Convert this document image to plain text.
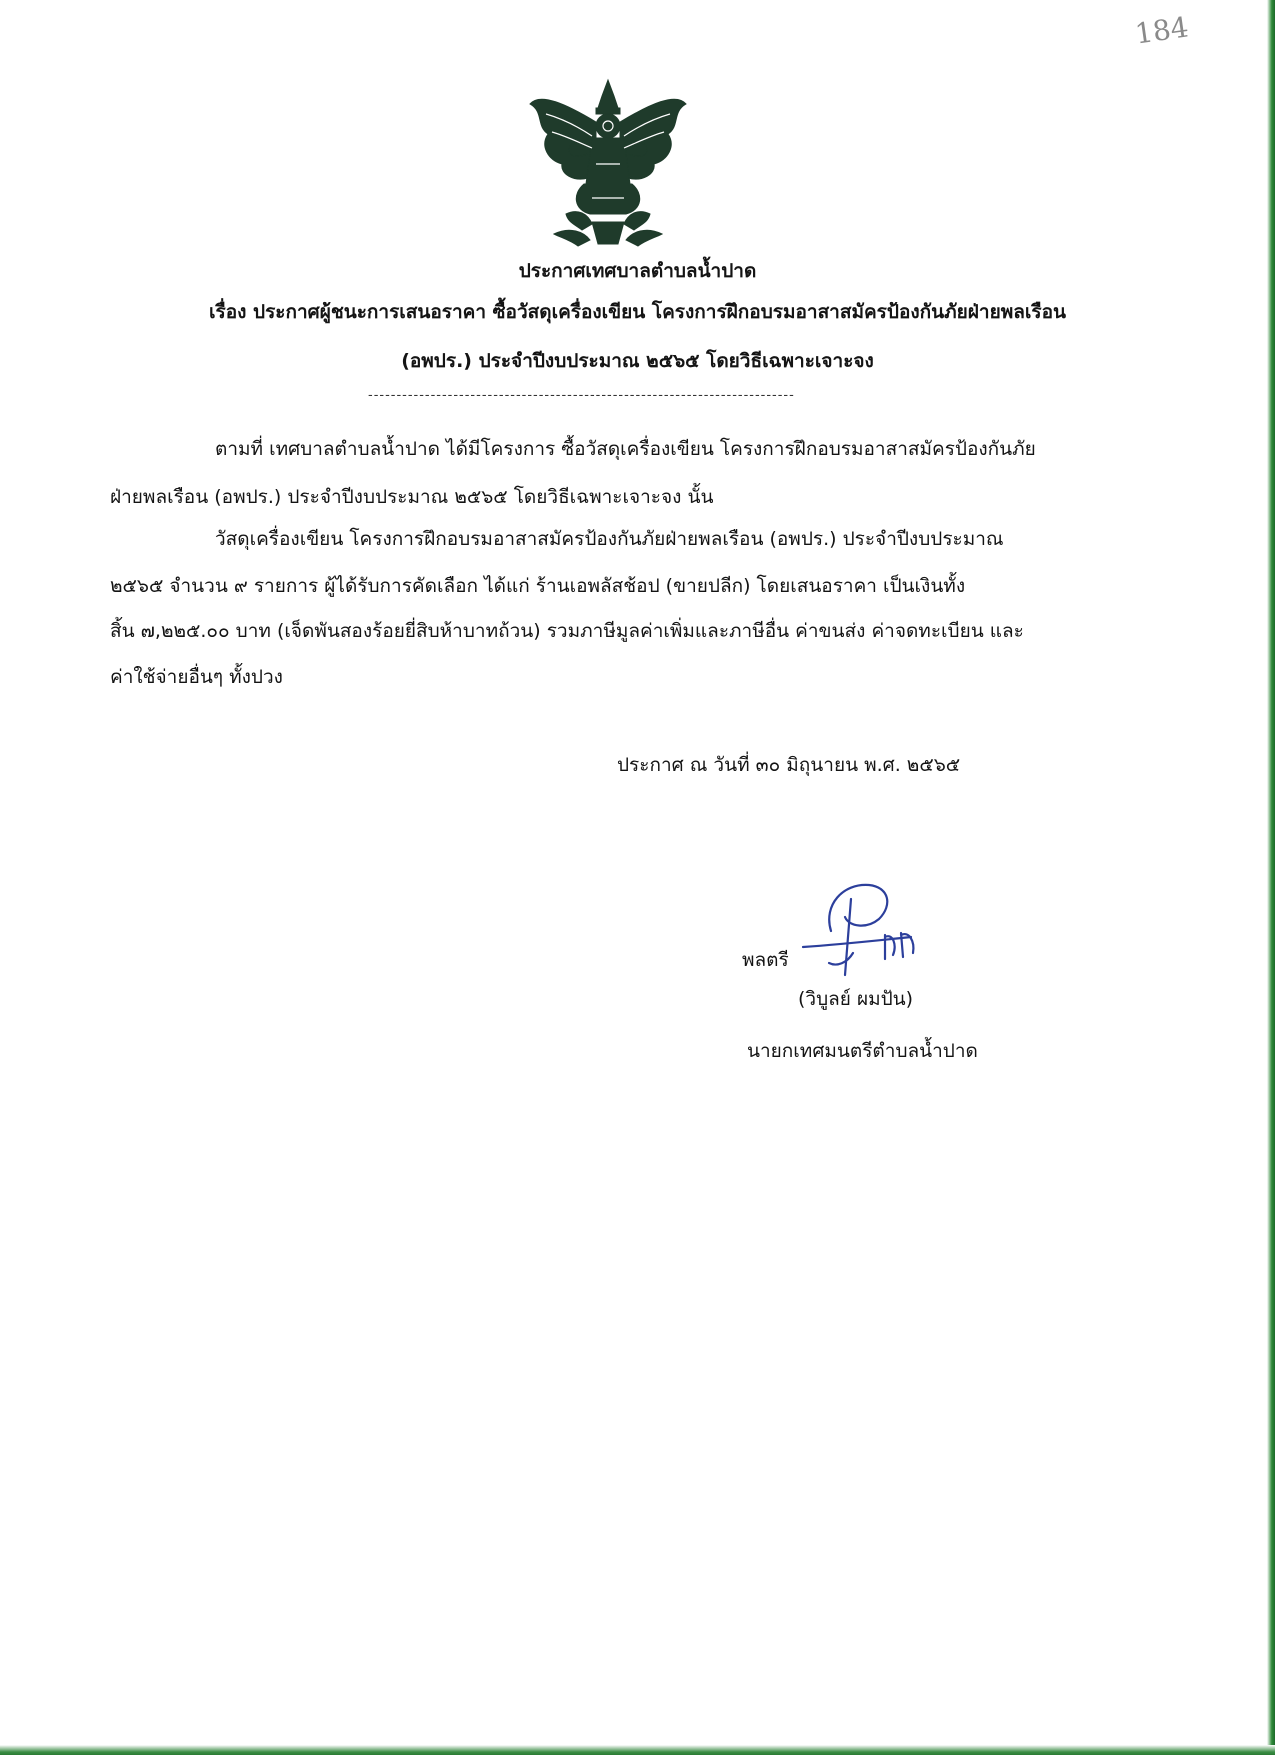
184
ประกาศเทศบาลตำบลน้ำปาด
เรื่อง ประกาศผู้ชนะการเสนอราคา ซื้อวัสดุเครื่องเขียน โครงการฝึกอบรมอาสาสมัครป้องกันภัยฝ่ายพลเรือน
(อพปร.) ประจำปีงบประมาณ ๒๕๖๕ โดยวิธีเฉพาะเจาะจง
---------------------------------------------------------------------------
ตามที่ เทศบาลตำบลน้ำปาด ได้มีโครงการ ซื้อวัสดุเครื่องเขียน โครงการฝึกอบรมอาสาสมัครป้องกันภัย
ฝ่ายพลเรือน (อพปร.) ประจำปีงบประมาณ ๒๕๖๕ โดยวิธีเฉพาะเจาะจง นั้น
วัสดุเครื่องเขียน โครงการฝึกอบรมอาสาสมัครป้องกันภัยฝ่ายพลเรือน (อพปร.) ประจำปีงบประมาณ
๒๕๖๕ จำนวน ๙ รายการ ผู้ได้รับการคัดเลือก ได้แก่ ร้านเอพลัสช้อป (ขายปลีก) โดยเสนอราคา เป็นเงินทั้ง
สิ้น ๗,๒๒๕.๐๐ บาท (เจ็ดพันสองร้อยยี่สิบห้าบาทถ้วน) รวมภาษีมูลค่าเพิ่มและภาษีอื่น ค่าขนส่ง ค่าจดทะเบียน และ
ค่าใช้จ่ายอื่นๆ ทั้งปวง
ประกาศ ณ วันที่ ๓๐ มิถุนายน พ.ศ. ๒๕๖๕
พลตรี
(วิบูลย์ ผมปัน)
นายกเทศมนตรีตำบลน้ำปาด
